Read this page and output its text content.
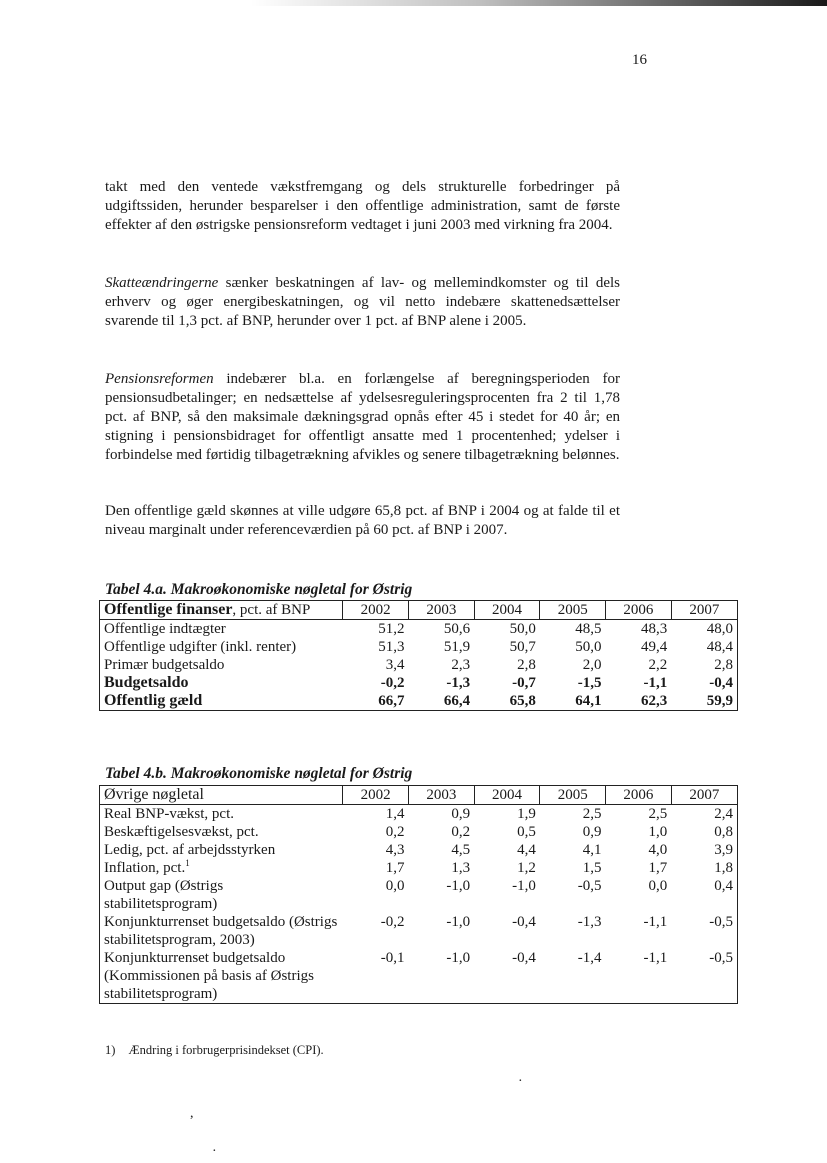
16

takt med den ventede vækstfremgang og dels strukturelle forbedringer på udgiftssiden, herunder besparelser i den offentlige administration, samt de første effekter af den østrigske pensionsreform vedtaget i juni 2003 med virkning fra 2004.

Skatteændringerne sænker beskatningen af lav- og mellemindkomster og til dels erhverv og øger energibeskatningen, og vil netto indebære skattenedsættelser svarende til 1,3 pct. af BNP, herunder over 1 pct. af BNP alene i 2005.

Pensionsreformen indebærer bl.a. en forlængelse af beregningsperioden for pensionsudbetalinger; en nedsættelse af ydelsesreguleringsprocenten fra 2 til 1,78 pct. af BNP, så den maksimale dækningsgrad opnås efter 45 i stedet for 40 år; en stigning i pensionsbidraget for offentligt ansatte med 1 procentenhed; ydelser i forbindelse med førtidig tilbagetrækning afvikles og senere tilbagetrækning belønnes.

Den offentlige gæld skønnes at ville udgøre 65,8 pct. af BNP i 2004 og at falde til et niveau marginalt under referenceværdien på 60 pct. af BNP i 2007.

Tabel 4.a. Makroøkonomiske nøgletal for Østrig
Offentlige finanser, pct. af BNP	2002	2003	2004	2005	2006	2007
Offentlige indtægter	51,2	50,6	50,0	48,5	48,3	48,0
Offentlige udgifter (inkl. renter)	51,3	51,9	50,7	50,0	49,4	48,4
Primær budgetsaldo	3,4	2,3	2,8	2,0	2,2	2,8
Budgetsaldo	-0,2	-1,3	-0,7	-1,5	-1,1	-0,4
Offentlig gæld	66,7	66,4	65,8	64,1	62,3	59,9
Tabel 4.b. Makroøkonomiske nøgletal for Østrig
Øvrige nøgletal	2002	2003	2004	2005	2006	2007
Real BNP-vækst, pct.	1,4	0,9	1,9	2,5	2,5	2,4
Beskæftigelsesvækst, pct.	0,2	0,2	0,5	0,9	1,0	0,8
Ledig, pct. af arbejdsstyrken	4,3	4,5	4,4	4,1	4,0	3,9
Inflation, pct.$^1$	1,7	1,3	1,2	1,5	1,7	1,8
Output gap (Østrigs stabilitetsprogram)	0,0	-1,0	-1,0	-0,5	0,0	0,4
Konjunkturrenset budgetsaldo (Østrigs stabilitetsprogram, 2003)	-0,2	-1,0	-0,4	-1,3	-1,1	-0,5
Konjunkturrenset budgetsaldo (Kommissionen på basis af Østrigs stabilitetsprogram)	-0,1	-1,0	-0,4	-1,4	-1,1	-0,5
1) Ændring i forbrugerprisindekset (CPI).
·
,
·
